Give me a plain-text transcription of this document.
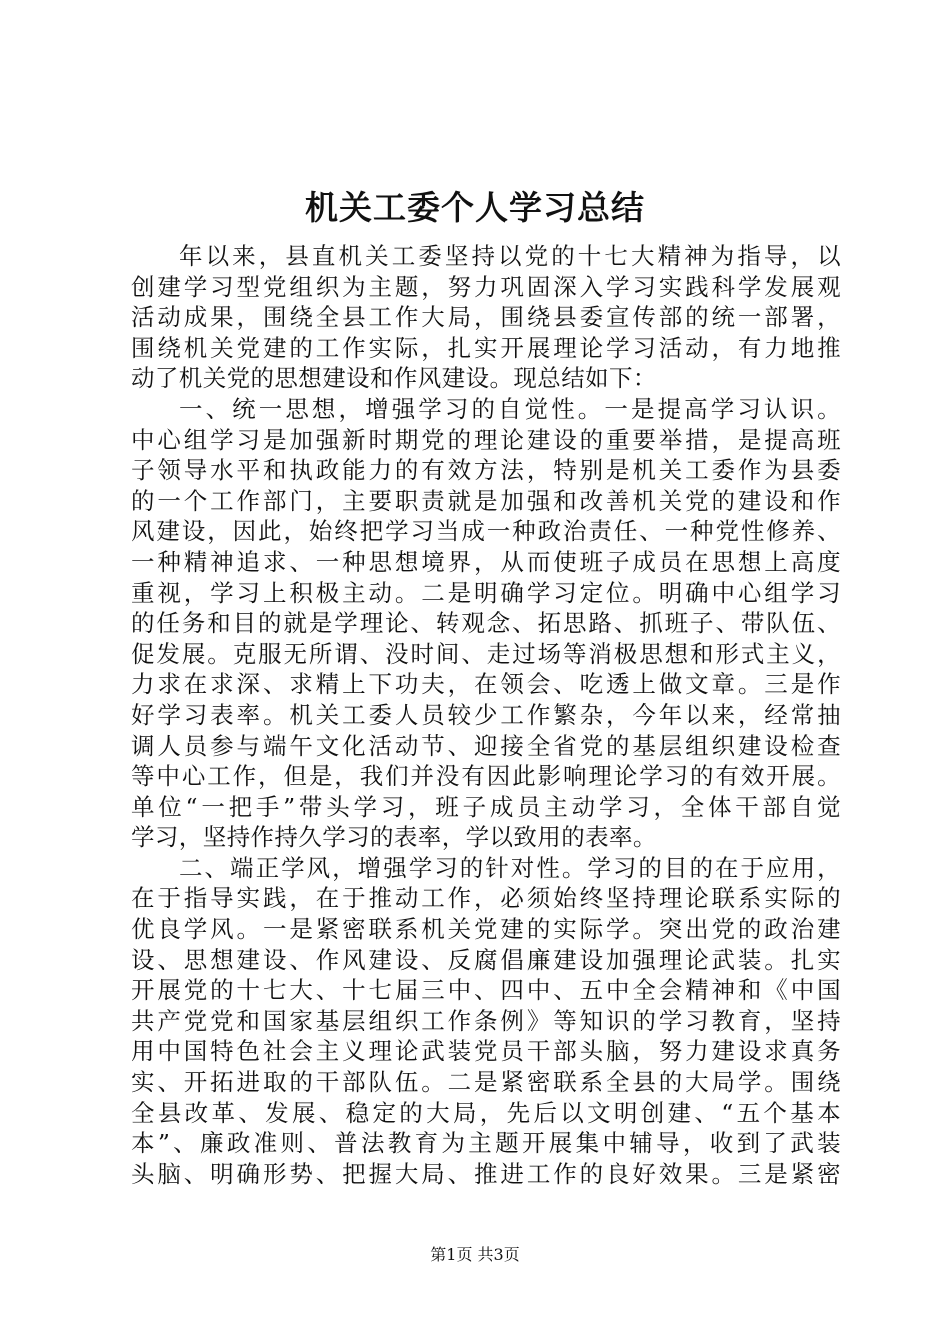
机关工委个人学习总结
年以来，县直机关工委坚持以党的十七大精神为指导，以
创建学习型党组织为主题，努力巩固深入学习实践科学发展观
活动成果，围绕全县工作大局，围绕县委宣传部的统一部署，
围绕机关党建的工作实际，扎实开展理论学习活动，有力地推
动了机关党的思想建设和作风建设。现总结如下：
一、统一思想，增强学习的自觉性。一是提高学习认识。
中心组学习是加强新时期党的理论建设的重要举措，是提高班
子领导水平和执政能力的有效方法，特别是机关工委作为县委
的一个工作部门，主要职责就是加强和改善机关党的建设和作
风建设，因此，始终把学习当成一种政治责任、一种党性修养、
一种精神追求、一种思想境界，从而使班子成员在思想上高度
重视，学习上积极主动。二是明确学习定位。明确中心组学习
的任务和目的就是学理论、转观念、拓思路、抓班子、带队伍、
促发展。克服无所谓、没时间、走过场等消极思想和形式主义，
力求在求深、求精上下功夫，在领会、吃透上做文章。三是作
好学习表率。机关工委人员较少工作繁杂，今年以来，经常抽
调人员参与端午文化活动节、迎接全省党的基层组织建设检查
等中心工作，但是，我们并没有因此影响理论学习的有效开展。
单位“一把手”带头学习，班子成员主动学习，全体干部自觉
学习，坚持作持久学习的表率，学以致用的表率。
二、端正学风，增强学习的针对性。学习的目的在于应用，
在于指导实践，在于推动工作，必须始终坚持理论联系实际的
优良学风。一是紧密联系机关党建的实际学。突出党的政治建
设、思想建设、作风建设、反腐倡廉建设加强理论武装。扎实
开展党的十七大、十七届三中、四中、五中全会精神和《中国
共产党党和国家基层组织工作条例》等知识的学习教育，坚持
用中国特色社会主义理论武装党员干部头脑，努力建设求真务
实、开拓进取的干部队伍。二是紧密联系全县的大局学。围绕
全县改革、发展、稳定的大局，先后以文明创建、“五个基本
本”、廉政准则、普法教育为主题开展集中辅导，收到了武装
头脑、明确形势、把握大局、推进工作的良好效果。三是紧密
第1页 共3页
